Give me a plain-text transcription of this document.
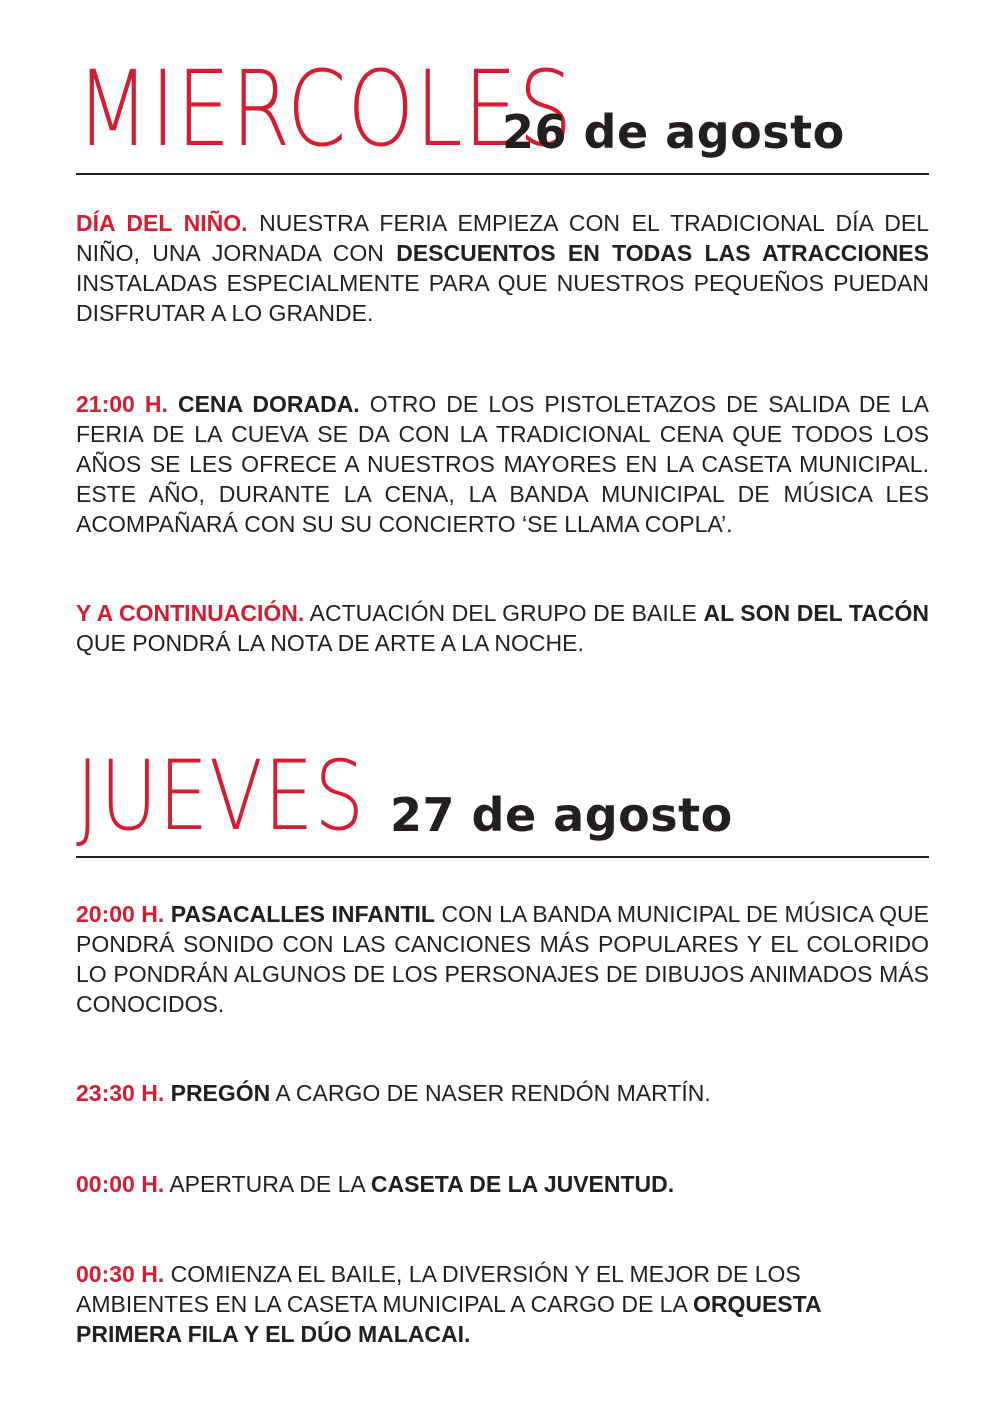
MIERCOLES
26 de agosto

DÍA DEL NIÑO. NUESTRA FERIA EMPIEZA CON EL TRADICIONAL DÍA DEL NIÑO, UNA JORNADA CON DESCUENTOS EN TODAS LAS ATRACCIONES INSTALADAS ESPECIALMENTE PARA QUE NUESTROS PEQUEÑOS PUEDAN DISFRUTAR A LO GRANDE.

21:00 H. CENA DORADA. OTRO DE LOS PISTOLETAZOS DE SALIDA DE LA FERIA DE LA CUEVA SE DA CON LA TRADICIONAL CENA QUE TODOS LOS AÑOS SE LES OFRECE A NUESTROS MAYORES EN LA CASETA MUNICIPAL. ESTE AÑO, DURANTE LA CENA, LA BANDA MUNICIPAL DE MÚSICA LES ACOMPAÑARÁ CON SU SU CONCIERTO ‘SE LLAMA COPLA’.

Y A CONTINUACIÓN. ACTUACIÓN DEL GRUPO DE BAILE AL SON DEL TACÓN QUE PONDRÁ LA NOTA DE ARTE A LA NOCHE.

JUEVES 27 de agosto

20:00 H. PASACALLES INFANTIL CON LA BANDA MUNICIPAL DE MÚSICA QUE PONDRÁ SONIDO CON LAS CANCIONES MÁS POPULARES Y EL COLORIDO LO PONDRÁN ALGUNOS DE LOS PERSONAJES DE DIBUJOS ANIMADOS MÁS CONOCIDOS.

23:30 H. PREGÓN A CARGO DE NASER RENDÓN MARTÍN.

00:00 H. APERTURA DE LA CASETA DE LA JUVENTUD.

00:30 H. COMIENZA EL BAILE, LA DIVERSIÓN Y EL MEJOR DE LOS AMBIENTES EN LA CASETA MUNICIPAL A CARGO DE LA ORQUESTA PRIMERA FILA Y EL DÚO MALACAI.
